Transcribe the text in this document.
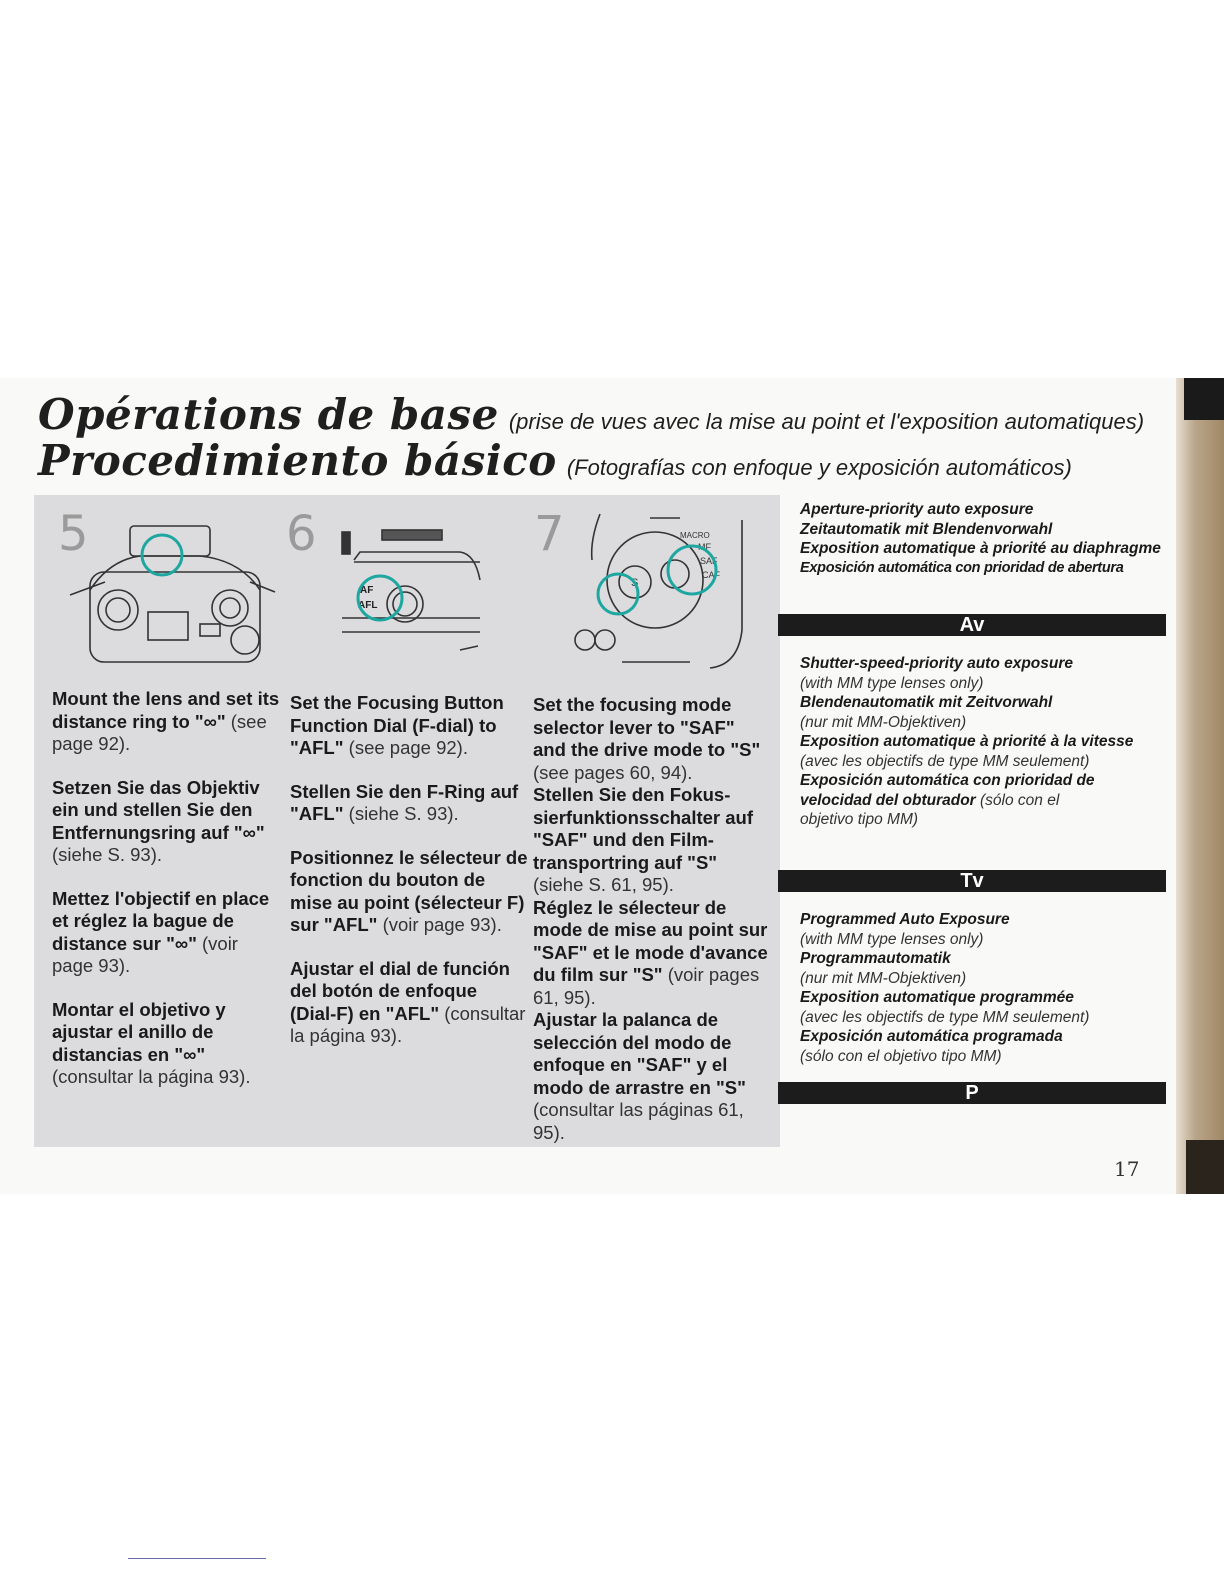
Opérations de base (prise de vues avec la mise au point et l'exposition automatiques)
Procedimiento básico (Fotografías con enfoque y exposición automáticos)
5	6
AF
AFL
7	MACRO
MF
SAF
CAF
S

Mount the lens and set its distance ring to "∞" (see page 92).

Setzen Sie das Objektiv ein und stellen Sie den Entfernungsring auf "∞" (siehe S. 93).

Mettez l'objectif en place et réglez la bague de distance sur "∞" (voir page 93).

Montar el objetivo y ajustar el anillo de distancias en "∞" (consultar la página 93).

Set the Focusing Button Function Dial (F-dial) to "AFL" (see page 92).

Stellen Sie den F-Ring auf "AFL" (siehe S. 93).

Positionnez le sélecteur de fonction du bouton de mise au point (sélecteur F) sur "AFL" (voir page 93).

Ajustar el dial de función del botón de enfoque (Dial-F) en "AFL" (consultar la página 93).

Set the focusing mode selector lever to "SAF" and the drive mode to "S" (see pages 60, 94).

Stellen Sie den Fokus-sierfunktionsschalter auf "SAF" und den Film-transportring auf "S" (siehe S. 61, 95).

Réglez le sélecteur de mode de mise au point sur "SAF" et le mode d'avance du film sur "S" (voir pages 61, 95).

Ajustar la palanca de selección del modo de enfoque en "SAF" y el modo de arrastre en "S" (consultar las páginas 61, 95).

Aperture-priority auto exposure
Zeitautomatik mit Blendenvorwahl
Exposition automatique à priorité au diaphragme
Exposición automática con prioridad de abertura
Av
Shutter-speed-priority auto exposure
(with MM type lenses only)
Blendenautomatik mit Zeitvorwahl
(nur mit MM-Objektiven)
Exposition automatique à priorité à la vitesse (avec les objectifs de type MM seulement)
Exposición automática con prioridad de velocidad del obturador (sólo con el objetivo tipo MM)
Tv
Programmed Auto Exposure
(with MM type lenses only)
Programmautomatik
(nur mit MM-Objektiven)
Exposition automatique programmée
(avec les objectifs de type MM seulement)
Exposición automática programada
(sólo con el objetivo tipo MM)
P
17
